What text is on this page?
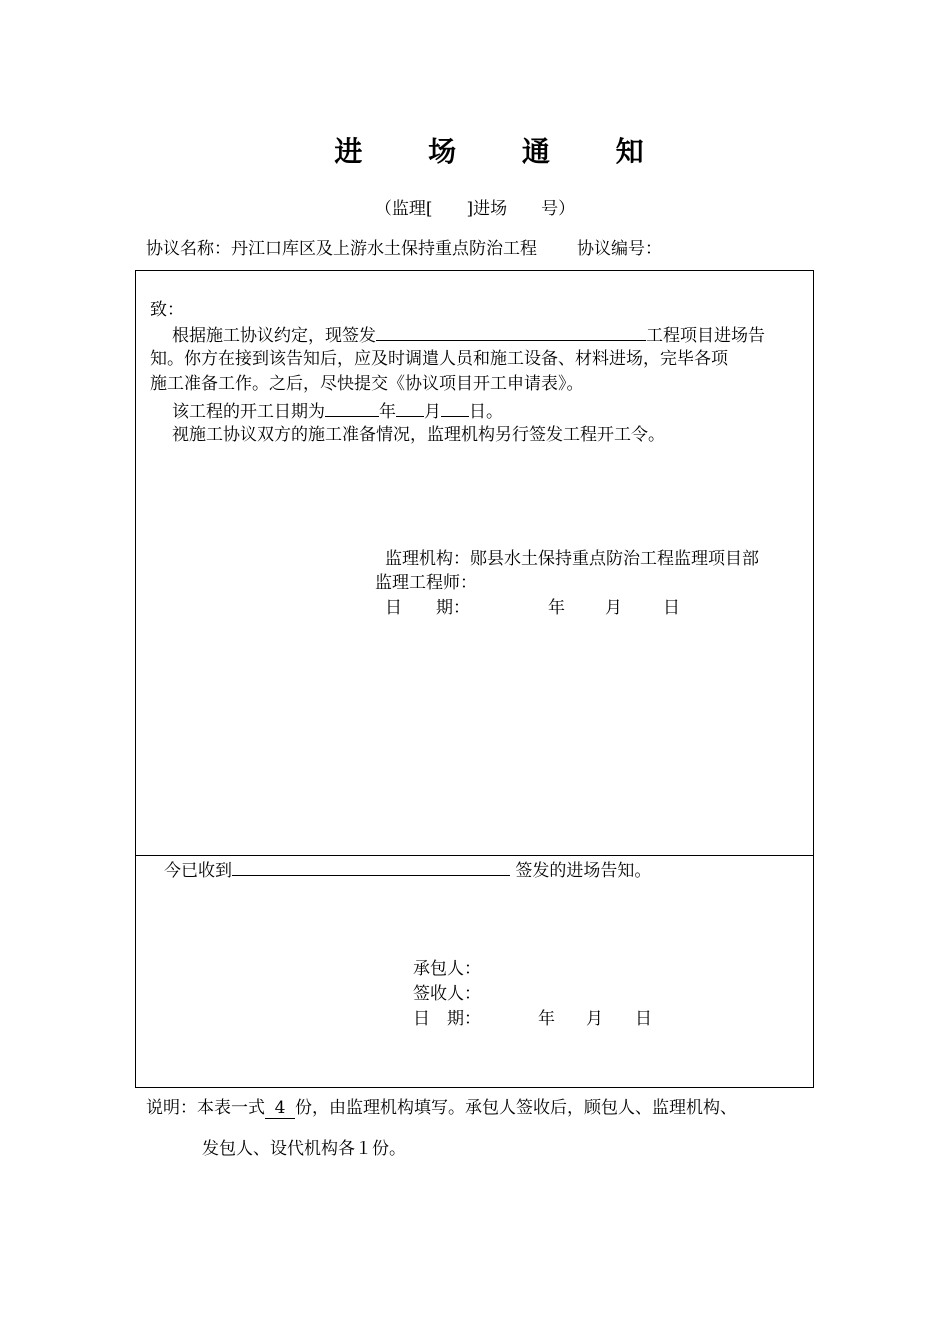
进 场 通 知
（监理[　　]进场　　号）
协议名称：丹江口库区及上游水土保持重点防治工程 协议编号：
致：
根据施工协议约定，现签发	工程项目进场告
知。你方在接到该告知后，应及时调遣人员和施工设备、材料进场，完毕各项
施工准备工作。之后，尽快提交《协议项目开工申请表》。
该工程的开工日期为	年 月 日。
视施工协议双方的施工准备情况，监理机构另行签发工程开工令。
监理机构：郧县水土保持重点防治工程监理项目部
监理工程师：
日　　期：	年 月 日
今已收到	签发的进场告知。
承包人：
签收人：
日　期：	年 月 日
说明：本表一式 4 份，由监理机构填写。承包人签收后，顾包人、监理机构、
发包人、设代机构各１份。
